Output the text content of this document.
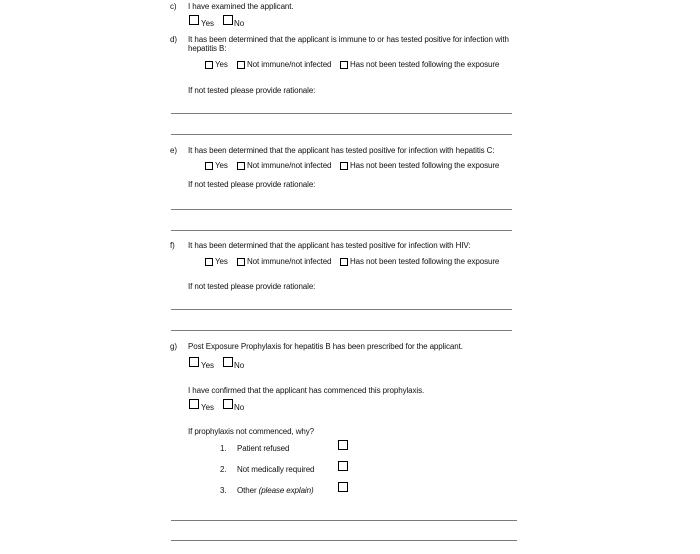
c) I have examined the applicant.
Yes No
d) It has been determined that the applicant is immune to or has tested positive for infection with
hepatitis B:
Yes Not immune/not infected Has not been tested following the exposure
If not tested please provide rationale:
e) It has been determined that the applicant has tested positive for infection with hepatitis C:
Yes Not immune/not infected Has not been tested following the exposure
If not tested please provide rationale:
f) It has been determined that the applicant has tested positive for infection with HIV:
Yes Not immune/not infected Has not been tested following the exposure
If not tested please provide rationale:
g) Post Exposure Prophylaxis for hepatitis B has been prescribed for the applicant.
Yes No
I have confirmed that the applicant has commenced this prophylaxis.
Yes No
If prophylaxis not commenced, why?
1. Patient refused
2. Not medically required
3. Other (please explain)
